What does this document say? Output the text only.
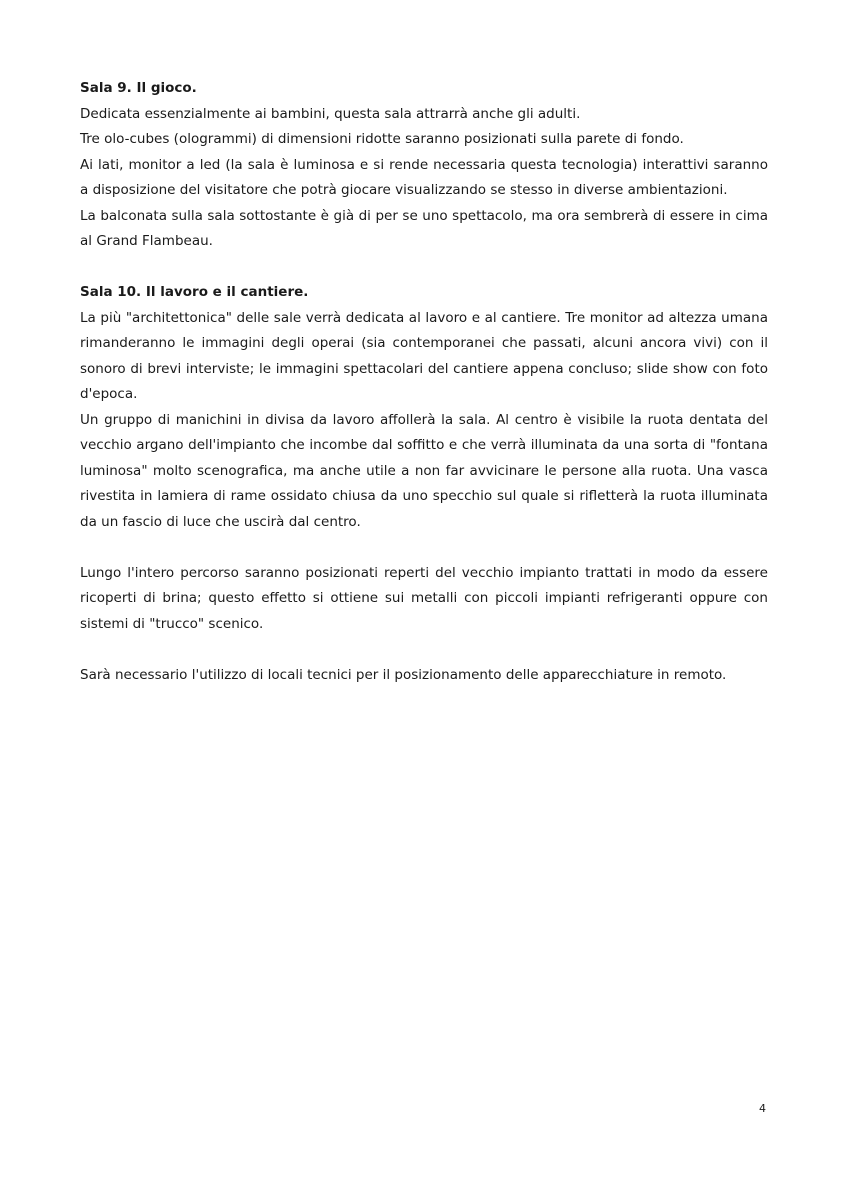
Sala 9. Il gioco.

Dedicata essenzialmente ai bambini, questa sala attrarrà anche gli adulti.

Tre olo-cubes (ologrammi) di dimensioni ridotte saranno posizionati sulla parete di fondo.

Ai lati, monitor a led (la sala è luminosa e si rende necessaria questa tecnologia) interattivi saranno a disposizione del visitatore che potrà giocare visualizzando se stesso in diverse ambientazioni.

La balconata sulla sala sottostante è già di per se uno spettacolo, ma ora sembrerà di essere in cima al Grand Flambeau.

Sala 10. Il lavoro e il cantiere.

La più "architettonica" delle sale verrà dedicata al lavoro e al cantiere. Tre monitor ad altezza umana rimanderanno le immagini degli operai (sia contemporanei che passati, alcuni ancora vivi) con il sonoro di brevi interviste; le immagini spettacolari del cantiere appena concluso; slide show con foto d'epoca.

Un gruppo di manichini in divisa da lavoro affollerà la sala. Al centro è visibile la ruota dentata del vecchio argano dell'impianto che incombe dal soffitto e che verrà illuminata da una sorta di "fontana luminosa" molto scenografica, ma anche utile a non far avvicinare le persone alla ruota. Una vasca rivestita in lamiera di rame ossidato chiusa da uno specchio sul quale si rifletterà la ruota illuminata da un fascio di luce che uscirà dal centro.

Lungo l'intero percorso saranno posizionati reperti del vecchio impianto trattati in modo da essere ricoperti di brina; questo effetto si ottiene sui metalli con piccoli impianti refrigeranti oppure con sistemi di "trucco" scenico.

Sarà necessario l'utilizzo di locali tecnici per il posizionamento delle apparecchiature in remoto.

4
